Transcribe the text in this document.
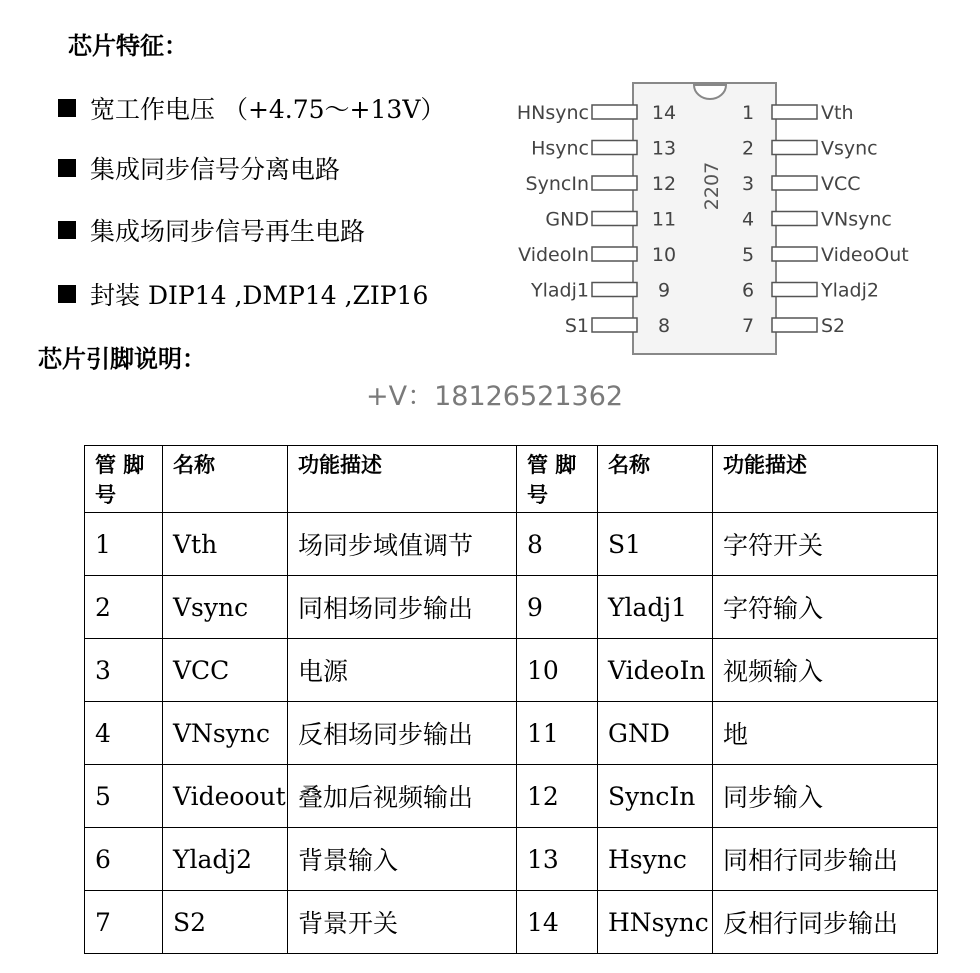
芯片特征：
宽工作电压 （+4.75～+13V）
集成同步信号分离电路
集成场同步信号再生电路
封装 DIP14 ,DMP14 ,ZIP16
芯片引脚说明：
+V：18126521362
2207
HNsync	14
Hsync	13
SyncIn	12
GND	11
VideoIn	10
Yladj1	9
S1	8
Vth
1
Vsync
2
VCC
3
VNsync
4
VideoOut
5
Yladj2
6
S2
7
管 脚号	名称	功能描述	管 脚号	名称	功能描述
1	Vth	场同步域值调节	8	S1	字符开关
2	Vsync	同相场同步输出	9	Yladj1	字符输入
3	VCC	电源	10	VideoIn	视频输入
4	VNsync	反相场同步输出	11	GND	地
5	Videoout	叠加后视频输出	12	SyncIn	同步输入
6	Yladj2	背景输入	13	Hsync	同相行同步输出
7	S2	背景开关	14	HNsync	反相行同步输出
